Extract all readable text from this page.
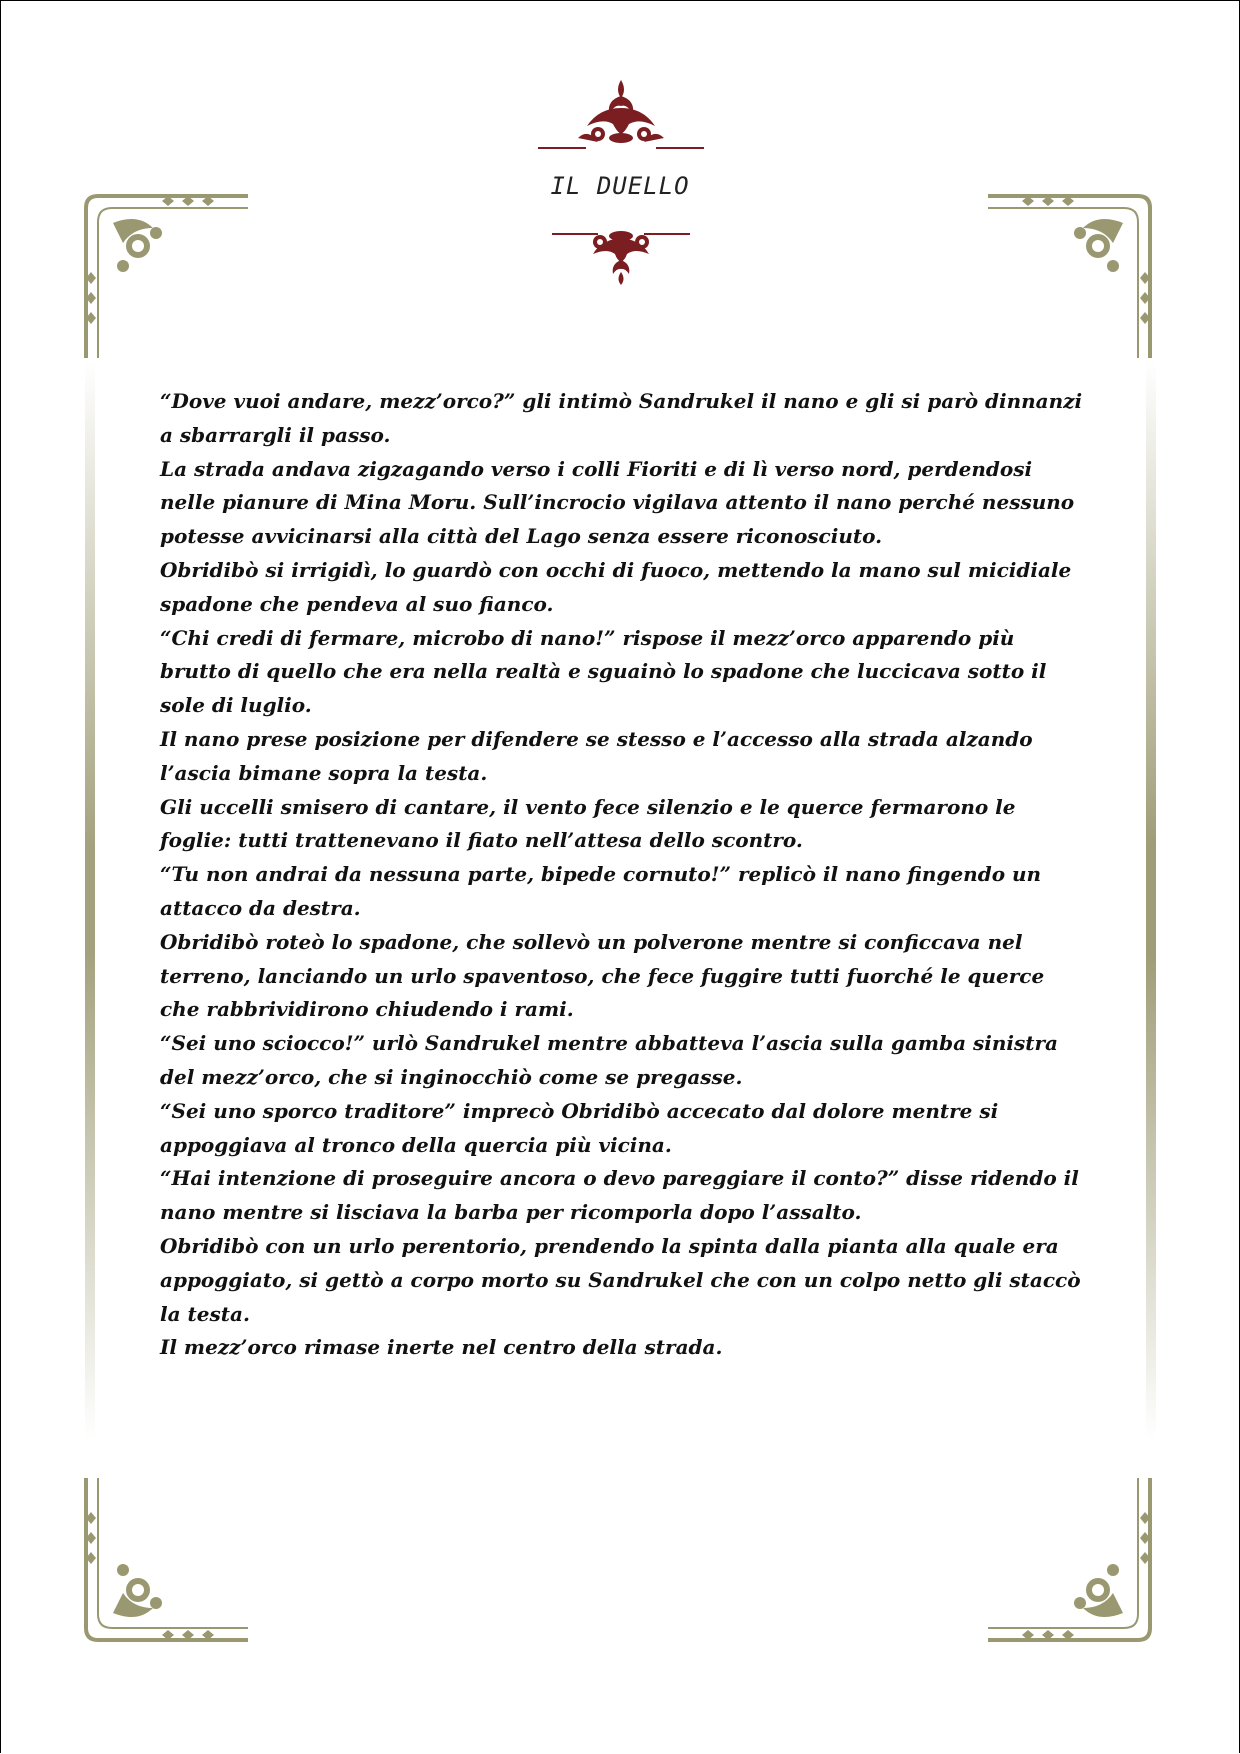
IL DUELLO

“Dove vuoi andare, mezz’orco?” gli intimò Sandrukel il nano e gli si parò dinnanzi a sbarrargli il passo.

La strada andava zigzagando verso i colli Fioriti e di lì verso nord, perdendosi nelle pianure di Mina Moru. Sull’incrocio vigilava attento il nano perché nessuno potesse avvicinarsi alla città del Lago senza essere riconosciuto.

Obridibò si irrigidì, lo guardò con occhi di fuoco, mettendo la mano sul micidiale spadone che pendeva al suo fianco.

“Chi credi di fermare, microbo di nano!” rispose il mezz’orco apparendo più brutto di quello che era nella realtà e sguainò lo spadone che luccicava sotto il sole di luglio.

Il nano prese posizione per difendere se stesso e l’accesso alla strada alzando l’ascia bimane sopra la testa.

Gli uccelli smisero di cantare, il vento fece silenzio e le querce fermarono le foglie: tutti trattenevano il fiato nell’attesa dello scontro.

“Tu non andrai da nessuna parte, bipede cornuto!” replicò il nano fingendo un attacco da destra.

Obridibò roteò lo spadone, che sollevò un polverone mentre si conficcava nel terreno, lanciando un urlo spaventoso, che fece fuggire tutti fuorché le querce che rabbrividirono chiudendo i rami.

“Sei uno sciocco!” urlò Sandrukel mentre abbatteva l’ascia sulla gamba sinistra del mezz’orco, che si inginocchiò come se pregasse.

“Sei uno sporco traditore” imprecò Obridibò accecato dal dolore mentre si appoggiava al tronco della quercia più vicina.

“Hai intenzione di proseguire ancora o devo pareggiare il conto?” disse ridendo il nano mentre si lisciava la barba per ricomporla dopo l’assalto.

Obridibò con un urlo perentorio, prendendo la spinta dalla pianta alla quale era appoggiato, si gettò a corpo morto su Sandrukel che con un colpo netto gli staccò la testa.

Il mezz’orco rimase inerte nel centro della strada.
